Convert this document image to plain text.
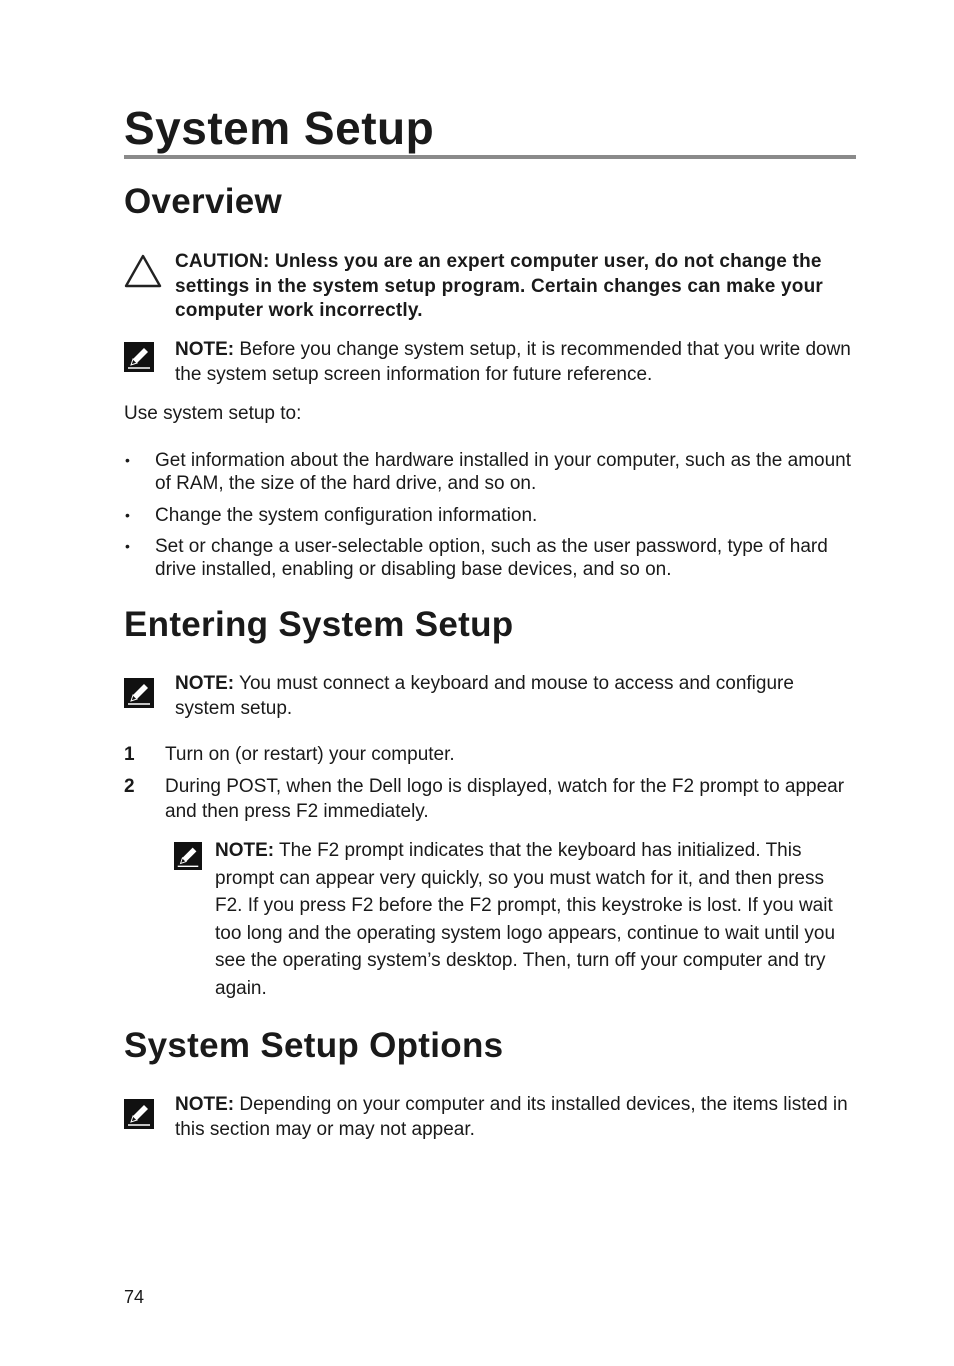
System Setup
Overview
CAUTION: Unless you are an expert computer user, do not change the settings in the system setup program. Certain changes can make your computer work incorrectly.
NOTE: Before you change system setup, it is recommended that you write down the system setup screen information for future reference.
Use system setup to:
• Get information about the hardware installed in your computer, such as the amount of RAM, the size of the hard drive, and so on.
• Change the system configuration information.
• Set or change a user-selectable option, such as the user password, type of hard drive installed, enabling or disabling base devices, and so on.
Entering System Setup
NOTE: You must connect a keyboard and mouse to access and configure system setup.
1 Turn on (or restart) your computer.
2 During POST, when the Dell logo is displayed, watch for the F2 prompt to appear and then press F2 immediately.
NOTE: The F2 prompt indicates that the keyboard has initialized. This prompt can appear very quickly, so you must watch for it, and then press F2. If you press F2 before the F2 prompt, this keystroke is lost. If you wait too long and the operating system logo appears, continue to wait until you see the operating system’s desktop. Then, turn off your computer and try again.
System Setup Options
NOTE: Depending on your computer and its installed devices, the items listed in this section may or may not appear.
74
